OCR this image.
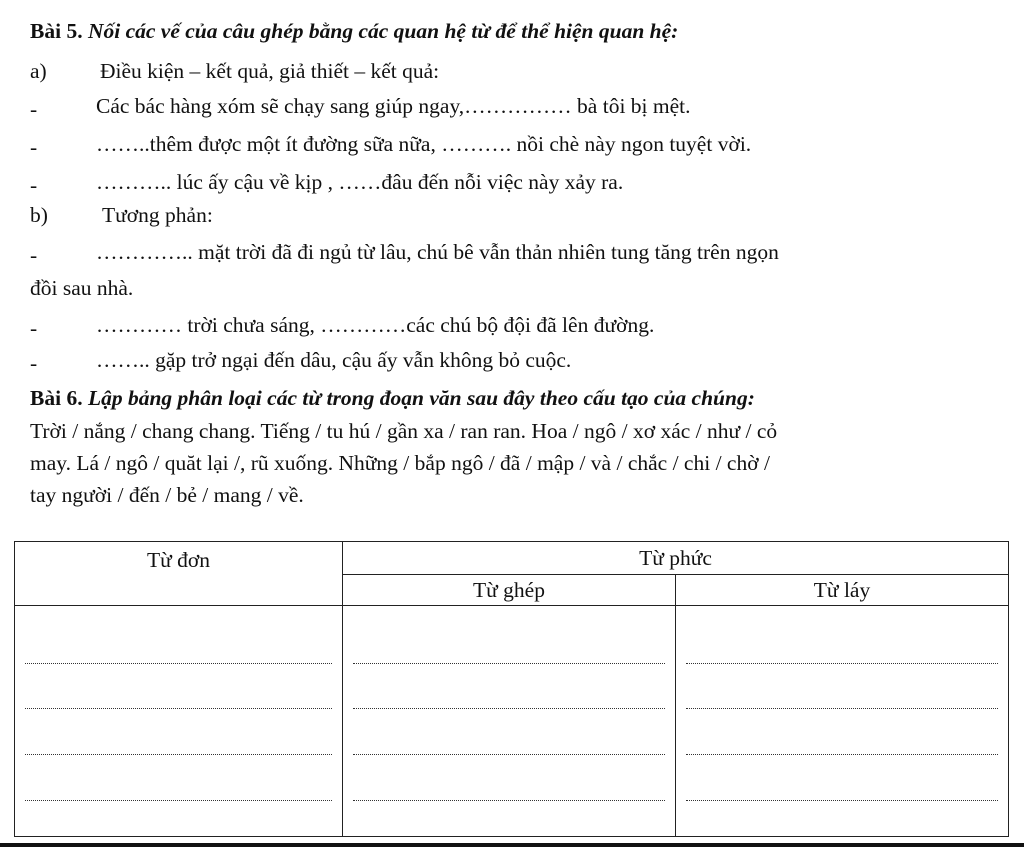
Bài 5. Nối các vế của câu ghép bằng các quan hệ từ để thể hiện quan hệ:
a) Điều kiện – kết quả, giả thiết – kết quả:
-	Các bác hàng xóm sẽ chạy sang giúp ngay,…………… bà tôi bị mệt.
-	……..thêm được một ít đường sữa nữa, ………. nồi chè này ngon tuyệt vời.
-	……….. lúc ấy cậu về kịp , ……đâu đến nỗi việc này xảy ra.
b)	Tương phản:
-	………….. mặt trời đã đi ngủ từ lâu, chú bê vẫn thản nhiên tung tăng trên ngọn
đồi sau nhà.
-	………… trời chưa sáng, …………các chú bộ đội đã lên đường.
-	…….. gặp trở ngại đến dâu, cậu ấy vẫn không bỏ cuộc.
Bài 6. Lập bảng phân loại các từ trong đoạn văn sau đây theo cấu tạo của chúng:
Trời / nắng / chang chang. Tiếng / tu hú / gần xa / ran ran. Hoa / ngô / xơ xác / như / cỏ
may. Lá / ngô / quăt lại /, rũ xuống. Những / bắp ngô / đã / mập / và / chắc / chi / chờ /
tay người / đến / bẻ / mang / về.
Từ đơn	Từ phức	
	Từ ghép	Từ láy
